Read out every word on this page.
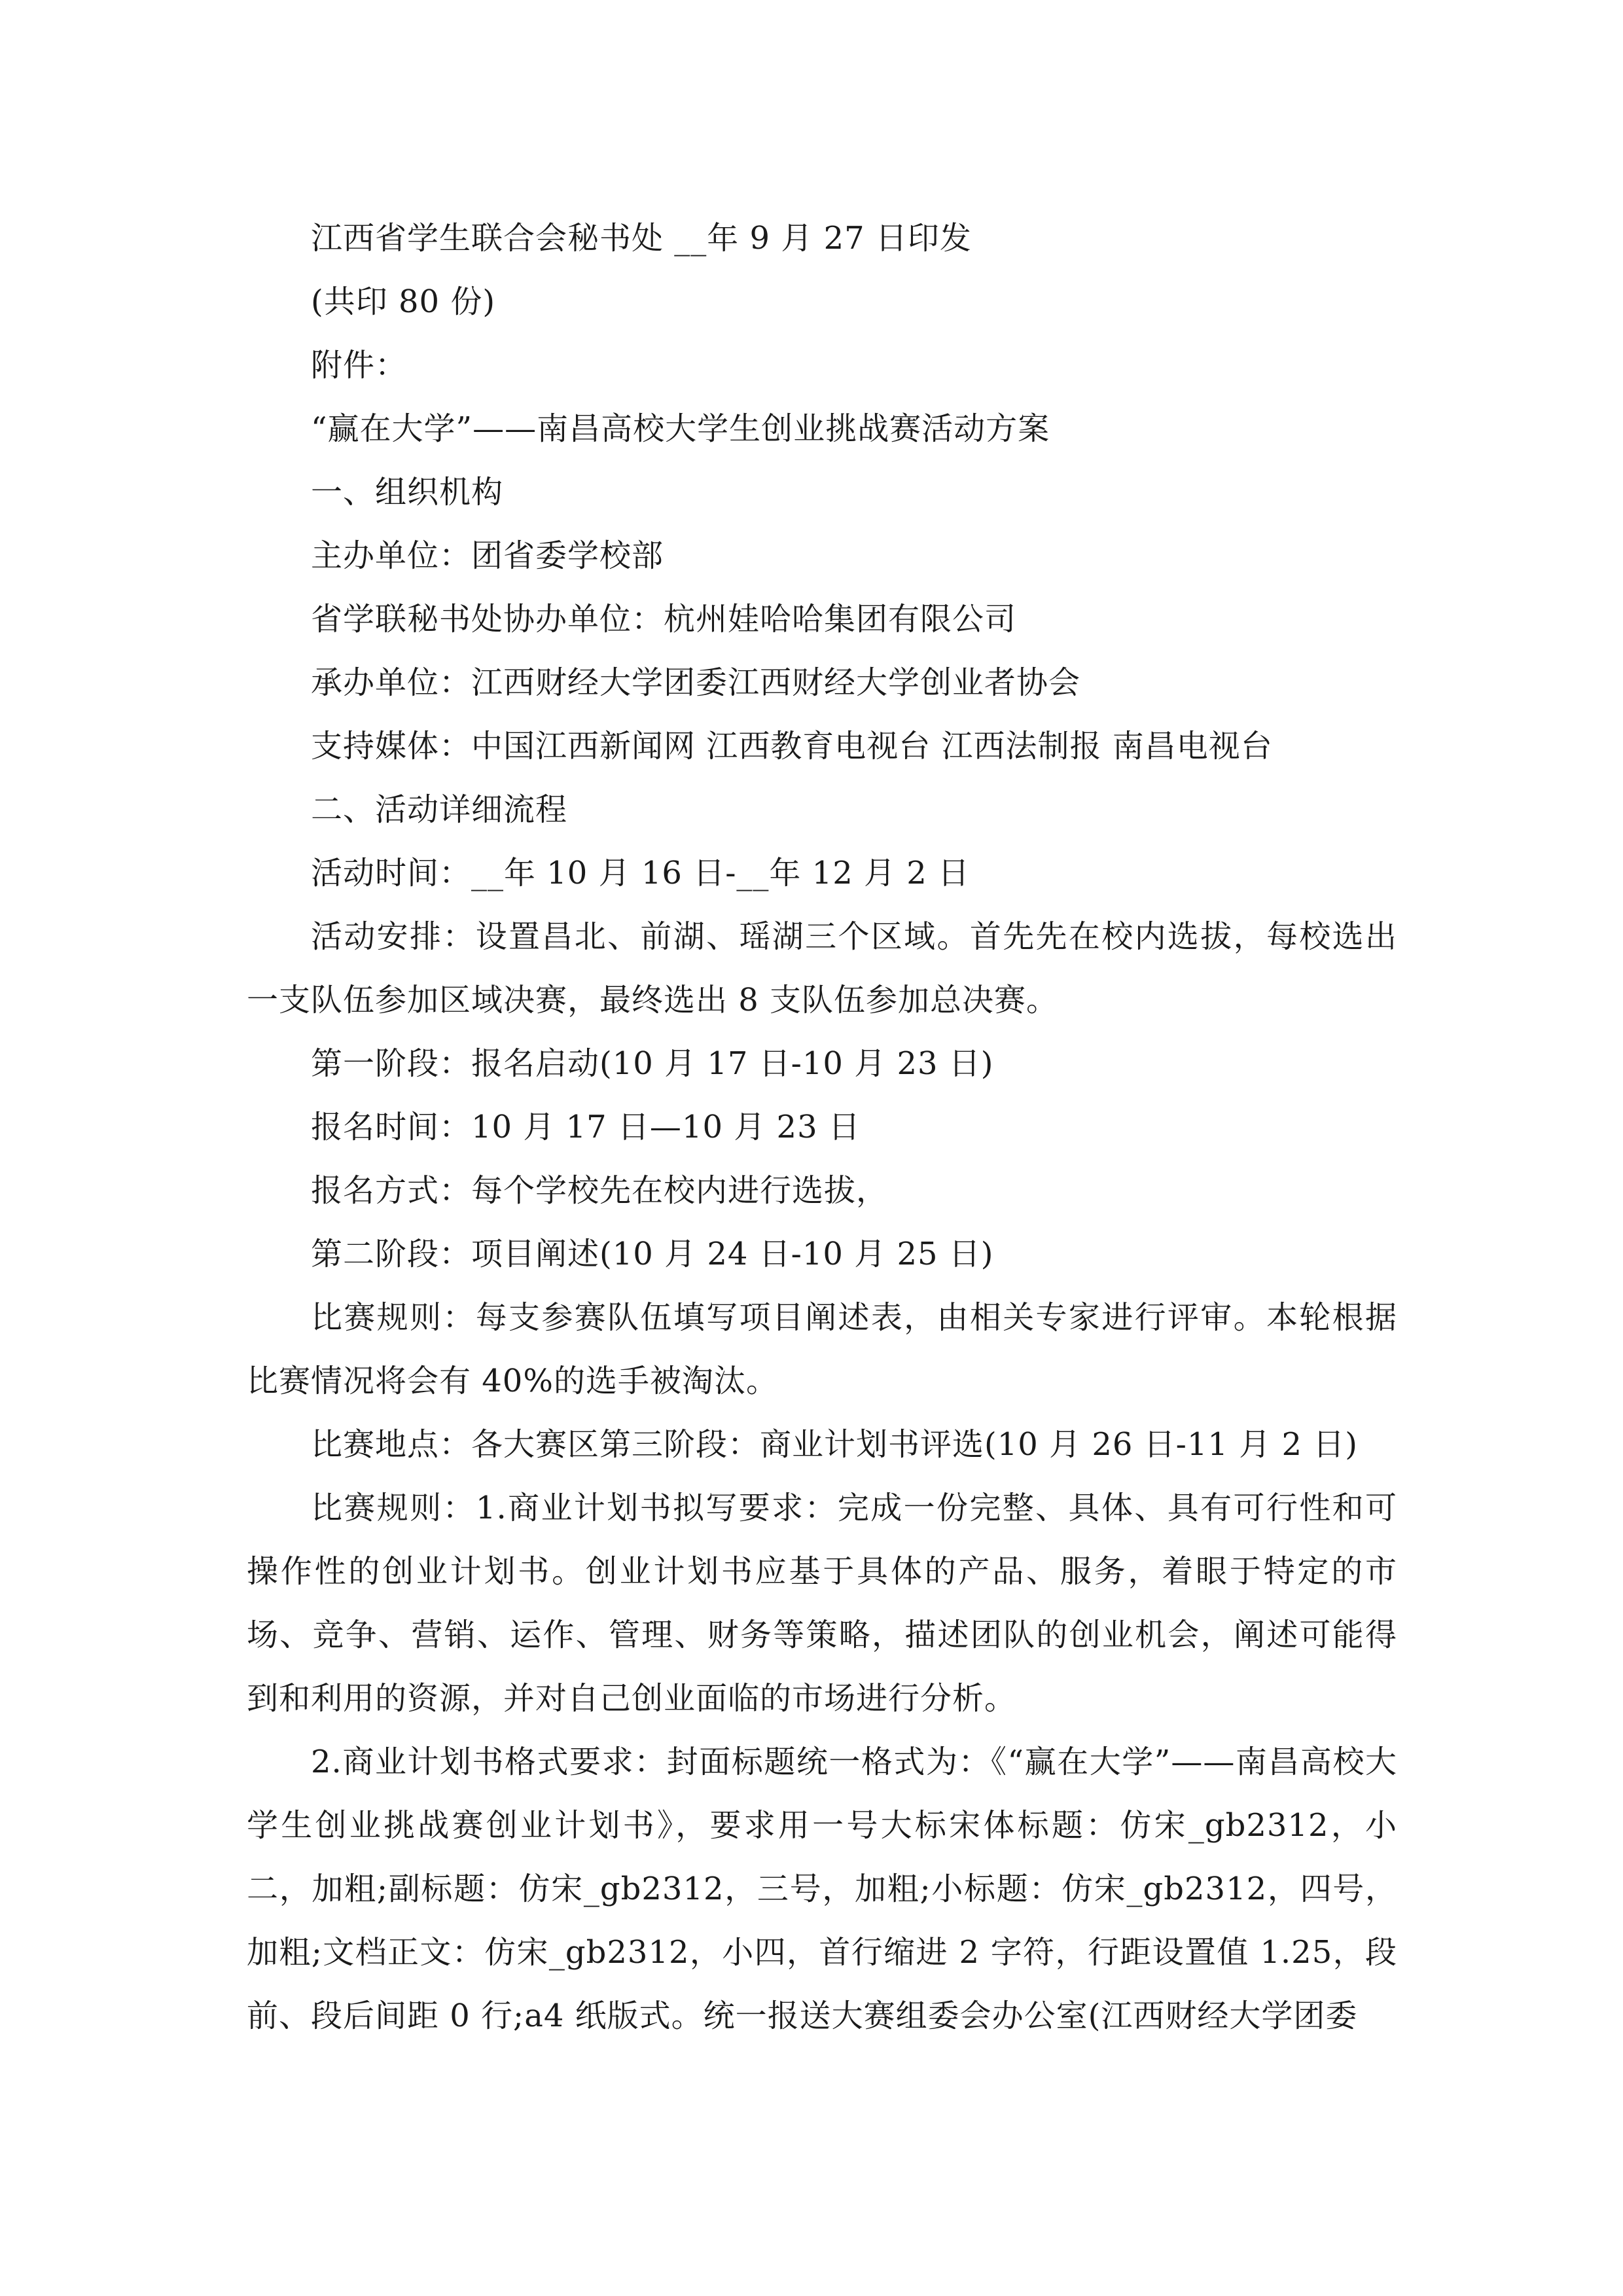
江西省学生联合会秘书处 __年 9 月 27 日印发

(共印 80 份)

附件：

“赢在大学”——南昌高校大学生创业挑战赛活动方案

一、组织机构

主办单位：团省委学校部

省学联秘书处协办单位：杭州娃哈哈集团有限公司

承办单位：江西财经大学团委江西财经大学创业者协会

支持媒体：中国江西新闻网 江西教育电视台 江西法制报 南昌电视台

二、活动详细流程

活动时间：__年 10 月 16 日-__年 12 月 2 日

活动安排：设置昌北、前湖、瑶湖三个区域。首先先在校内选拔，每校选出一支队伍参加区域决赛，最终选出 8 支队伍参加总决赛。

第一阶段：报名启动(10 月 17 日-10 月 23 日)

报名时间：10 月 17 日—10 月 23 日

报名方式：每个学校先在校内进行选拔，

第二阶段：项目阐述(10 月 24 日-10 月 25 日)

比赛规则：每支参赛队伍填写项目阐述表，由相关专家进行评审。本轮根据比赛情况将会有 40%的选手被淘汰。

比赛地点：各大赛区第三阶段：商业计划书评选(10 月 26 日-11 月 2 日)

比赛规则：1.商业计划书拟写要求：完成一份完整、具体、具有可行性和可操作性的创业计划书。创业计划书应基于具体的产品、服务，着眼于特定的市场、竞争、营销、运作、管理、财务等策略，描述团队的创业机会，阐述可能得到和利用的资源，并对自己创业面临的市场进行分析。

2.商业计划书格式要求：封面标题统一格式为：《“赢在大学”——南昌高校大学生创业挑战赛创业计划书》，要求用一号大标宋体标题：仿宋_gb2312，小二，加粗;副标题：仿宋_gb2312，三号，加粗;小标题：仿宋_gb2312，四号，加粗;文档正文：仿宋_gb2312，小四，首行缩进 2 字符，行距设置值 1.25，段前、段后间距 0 行;a4 纸版式。统一报送大赛组委会办公室(江西财经大学团委
